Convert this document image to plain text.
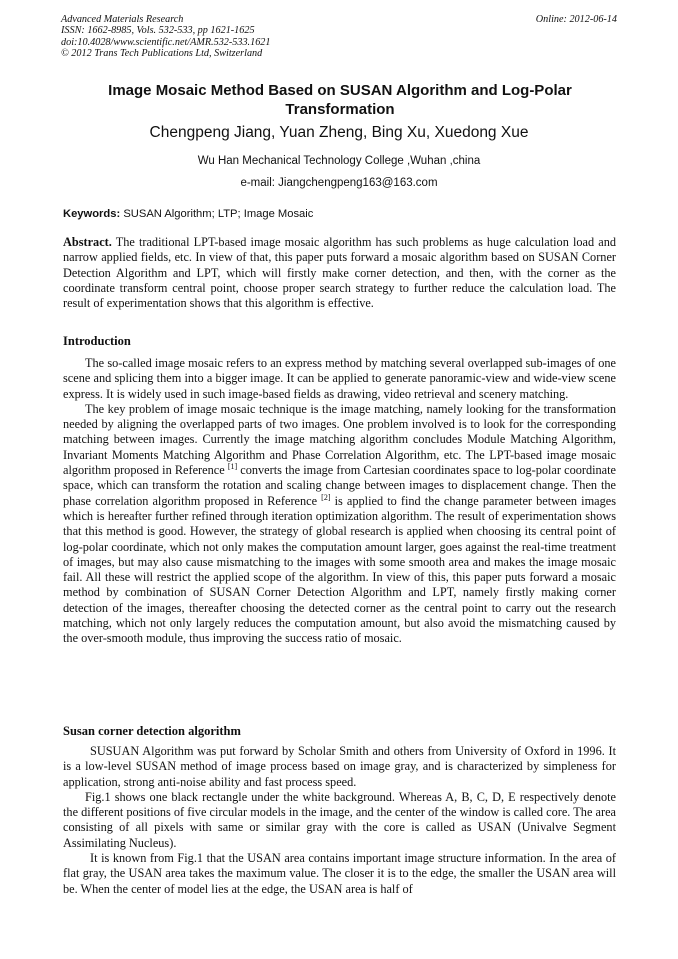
Advanced Materials Research
ISSN: 1662-8985, Vols. 532-533, pp 1621-1625
doi:10.4028/www.scientific.net/AMR.532-533.1621
© 2012 Trans Tech Publications Ltd, Switzerland
Online: 2012-06-14
Image Mosaic Method Based on SUSAN Algorithm and Log-Polar Transformation
Chengpeng Jiang, Yuan Zheng, Bing Xu, Xuedong Xue
Wu Han Mechanical Technology College ,Wuhan ,china
e-mail: Jiangchengpeng163@163.com
Keywords: SUSAN Algorithm; LTP; Image Mosaic

Abstract. The traditional LPT-based image mosaic algorithm has such problems as huge calculation load and narrow applied fields, etc. In view of that, this paper puts forward a mosaic algorithm based on SUSAN Corner Detection Algorithm and LPT, which will firstly make corner detection, and then, with the corner as the coordinate transform central point, choose proper search strategy to further reduce the calculation load. The result of experimentation shows that this algorithm is effective.

Introduction

The so-called image mosaic refers to an express method by matching several overlapped sub-images of one scene and splicing them into a bigger image. It can be applied to generate panoramic-view and wide-view scene express. It is widely used in such image-based fields as drawing, video retrieval and scenery matching.

The key problem of image mosaic technique is the image matching, namely looking for the transformation needed by aligning the overlapped parts of two images. One problem involved is to look for the corresponding matching between images. Currently the image matching algorithm concludes Module Matching Algorithm, Invariant Moments Matching Algorithm and Phase Correlation Algorithm, etc. The LPT-based image mosaic algorithm proposed in Reference [1] converts the image from Cartesian coordinates space to log-polar coordinate space, which can transform the rotation and scaling change between images to displacement change. Then the phase correlation algorithm proposed in Reference [2] is applied to find the change parameter between images which is hereafter further refined through iteration optimization algorithm. The result of experimentation shows that this method is good. However, the strategy of global research is applied when choosing its central point of log-polar coordinate, which not only makes the computation amount larger, goes against the real-time treatment of images, but may also cause mismatching to the images with some smooth area and makes the image mosaic fail. All these will restrict the applied scope of the algorithm. In view of this, this paper puts forward a mosaic method by combination of SUSAN Corner Detection Algorithm and LPT, namely firstly making corner detection of the images, thereafter choosing the detected corner as the central point to carry out the research matching, which not only largely reduces the computation amount, but also avoid the mismatching caused by the over-smooth module, thus improving the success ratio of mosaic.

Susan corner detection algorithm

SUSUAN Algorithm was put forward by Scholar Smith and others from University of Oxford in 1996. It is a low-level SUSAN method of image process based on image gray, and is characterized by simpleness for application, strong anti-noise ability and fast process speed.

Fig.1 shows one black rectangle under the white background. Whereas A, B, C, D, E respectively denote the different positions of five circular models in the image, and the center of the window is called core. The area consisting of all pixels with same or similar gray with the core is called as USAN (Univalve Segment Assimilating Nucleus).

It is known from Fig.1 that the USAN area contains important image structure information. In the area of flat gray, the USAN area takes the maximum value. The closer it is to the edge, the smaller the USAN area will be. When the center of model lies at the edge, the USAN area is half of
